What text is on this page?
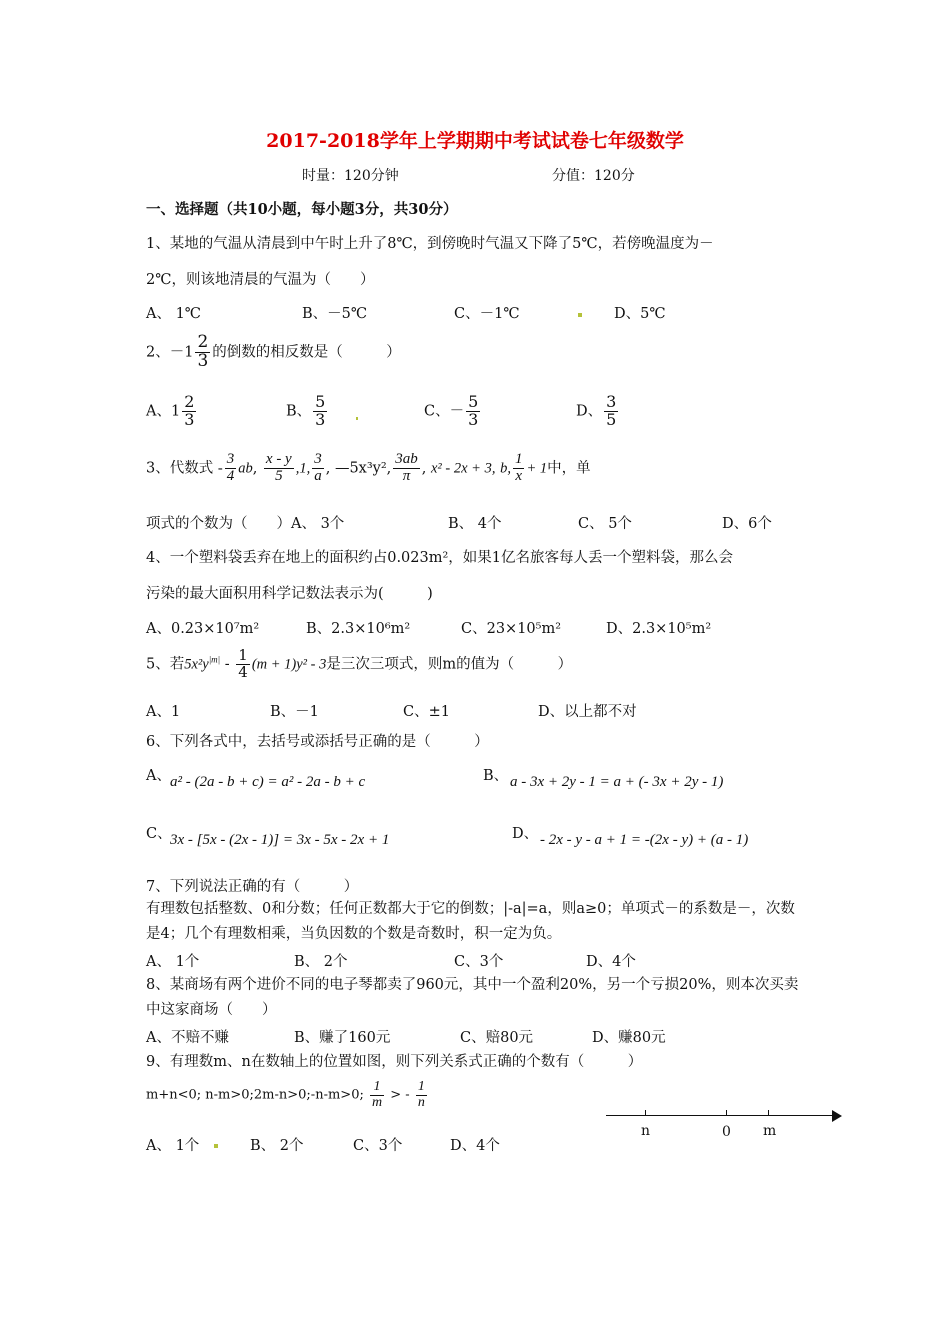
2017-2018学年上学期期中考试试卷七年级数学
时量：120分钟	分值：120分
一、选择题（共10小题，每小题3分，共30分）
1、某地的气温从清晨到中午时上升了8℃，到傍晚时气温又下降了5℃，若傍晚温度为－
2℃，则该地清晨的气温为（　　）
A、 1℃	B、－5℃	C、－1℃	D、5℃
2、$-1 \frac{2}{3}$ 的倒数的相反数是（　　　）
A、$1 \frac{2}{3}$	B、 $\frac{5}{3}$	C、－ $\frac{5}{3}$	D、 $\frac{3}{5}$
3、代数式 - $\frac{3}{4}$ ab, $\frac{x - y}{5} ,1$, $\frac{3}{a}$ , —5x³y², $\frac{3ab}{\pi}$ , x² - 2x + 3, b, $\frac{1}{x} + 1$中，单
项式的个数为（　　）A、 3个	B、 4个	C、 5个	D、6个
4、一个塑料袋丢弃在地上的面积约占0.023m²，如果1亿名旅客每人丢一个塑料袋，那么会
污染的最大面积用科学记数法表示为(　　　)
A、0.23×10⁷m²	B、2.3×10⁶m²	C、23×10⁵m²	D、2.3×10⁵m²
5、若$5x^2y^{|m|} - \frac{1}{4} (m + 1)y^2 - 3$是三次三项式，则m的值为（　　　）
A、1	B、－1	C、±1	D、以上都不对
6、下列各式中，去括号或添括号正确的是（　　　）
A、 a² - (2a - b + c) = a² - 2a - b + c	B、 a - 3x + 2y - 1 = a + (- 3x + 2y - 1)
C、
3x - [5x - (2x - 1)] = 3x - 5x - 2x + 1	D、 - 2x - y - a + 1 = -(2x - y) + (a - 1)
7、下列说法正确的有（　　　）
有理数包括整数、0和分数；任何正数都大于它的倒数；|-a|=a，则a≥0；单项式－的系数是－，次数是4；几个有理数相乘，当负因数的个数是奇数时，积一定为负。
A、 1个	B、 2个	C、3个	D、4个
8、某商场有两个进价不同的电子琴都卖了960元，其中一个盈利20%，另一个亏损20%，则本次买卖中这家商场（　　）
A、不赔不赚	B、赚了160元	C、赔80元	D、赚80元
9、有理数m、n在数轴上的位置如图，则下列关系式正确的个数有（　　　）
m+n<0; n-m>0;2m-n>0;-n-m>0; $\frac{1}{m}$ > - $\frac{1}{n}$
A、 1个	B、 2个	C、3个	D、4个
n	0 m
